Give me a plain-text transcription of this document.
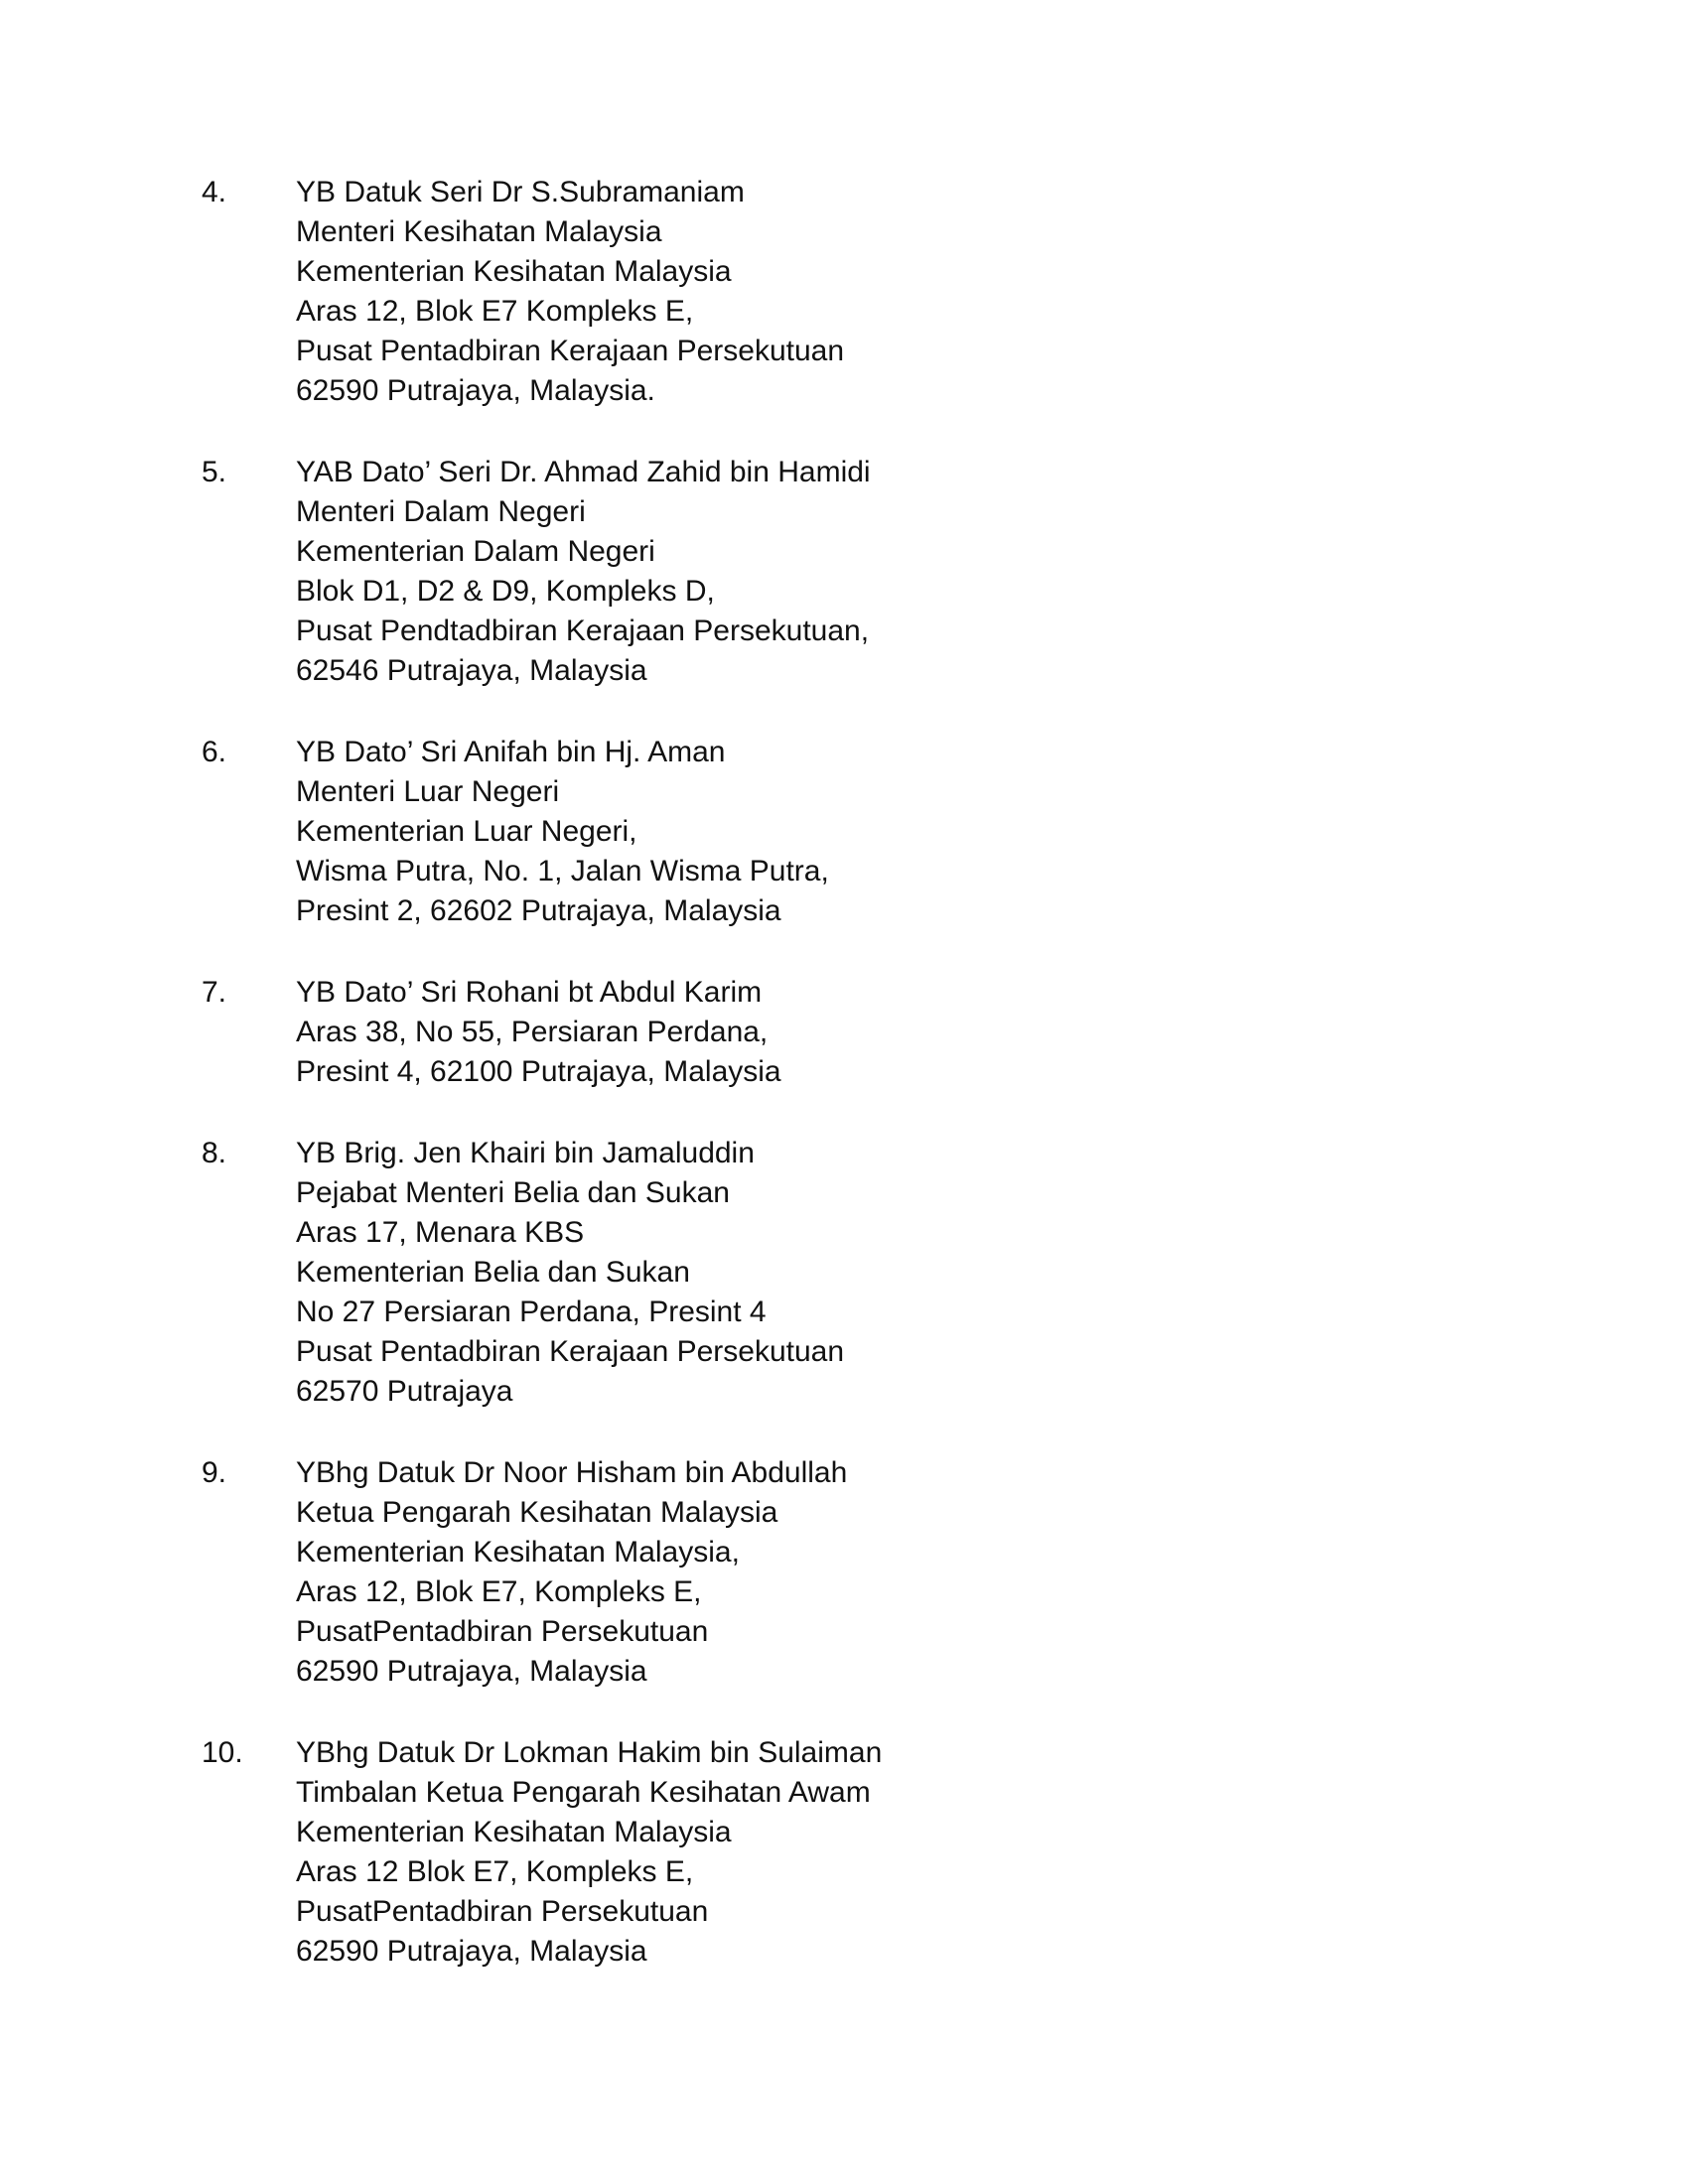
4.	YB Datuk Seri Dr S.Subramaniam
Menteri Kesihatan Malaysia
Kementerian Kesihatan Malaysia
Aras 12, Blok E7 Kompleks E,
Pusat Pentadbiran Kerajaan Persekutuan
62590 Putrajaya, Malaysia.
5.	YAB Dato’ Seri Dr. Ahmad Zahid bin Hamidi
Menteri Dalam Negeri
Kementerian Dalam Negeri
Blok D1, D2 & D9, Kompleks D,
Pusat Pendtadbiran Kerajaan Persekutuan,
62546 Putrajaya, Malaysia
6.	YB Dato’ Sri Anifah bin Hj. Aman
Menteri Luar Negeri
Kementerian Luar Negeri,
Wisma Putra, No. 1, Jalan Wisma Putra,
Presint 2, 62602 Putrajaya, Malaysia
7.	YB Dato’ Sri Rohani bt Abdul Karim
Aras 38, No 55, Persiaran Perdana,
Presint 4, 62100 Putrajaya, Malaysia
8.	YB Brig. Jen Khairi bin Jamaluddin
Pejabat Menteri Belia dan Sukan
Aras 17, Menara KBS
Kementerian Belia dan Sukan
No 27 Persiaran Perdana, Presint 4
Pusat Pentadbiran Kerajaan Persekutuan
62570 Putrajaya
9.	YBhg Datuk Dr Noor Hisham bin Abdullah
Ketua Pengarah Kesihatan Malaysia
Kementerian Kesihatan Malaysia,
Aras 12, Blok E7, Kompleks E,
PusatPentadbiran Persekutuan
62590 Putrajaya, Malaysia
10.	YBhg Datuk Dr Lokman Hakim bin Sulaiman
Timbalan Ketua Pengarah Kesihatan Awam
Kementerian Kesihatan Malaysia
Aras 12 Blok E7, Kompleks E,
PusatPentadbiran Persekutuan
62590 Putrajaya, Malaysia
